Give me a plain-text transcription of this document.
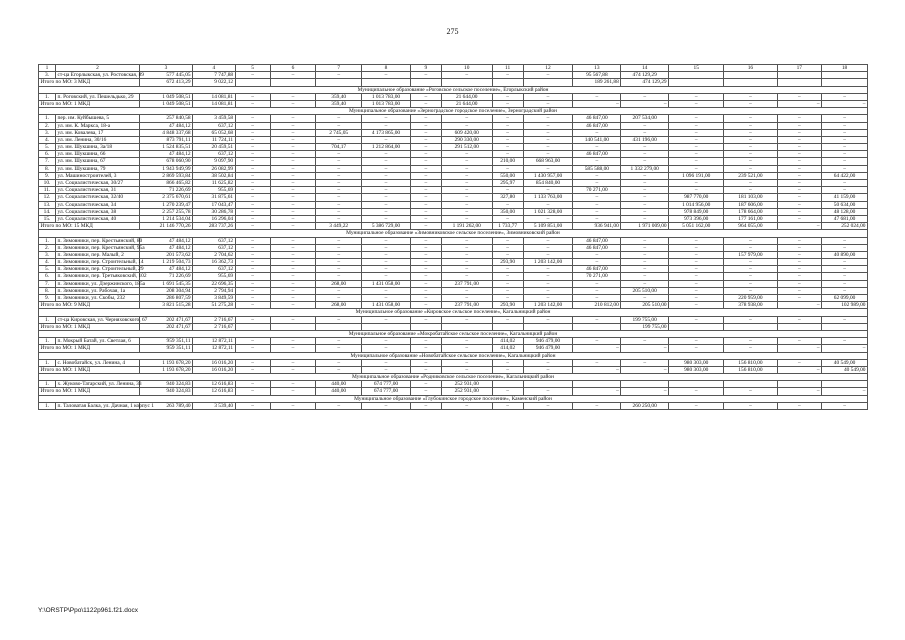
275
1	2	3	4	5	6	7	8	9	10	11	12	13	14	15	16	17	18
3.	ст-ца Егорлыкская, ул. Ростовская, 89	577 445,05	7 747,88	–	–	–	–	–	–	–	–	95 567,88	474 129,29				
Итого по МО: 3 МКД		672 413,29	9 022,12									189 261,88	474 129,29				
Муниципальное образование «Роговское сельское поселение», Егорлыкский район																	
1.	п. Роговский, ул. Пешельдько, 29	1 049 508,51	14 081,81	–	–	359,40	1 013 783,00	–	21 644,00	–	–	–	–	–	–	–	–
Итого по МО: 1 МКД		1 049 508,51	14 081,81	–	–	359,40	1 013 783,00	–	21 644,00	–	–	–	–	–	–	–	–
Муниципальное образование «Зерноградское городское поселение», Зерноградский район																	
1.	пер. им. Куйбышева, 5	257 840,58	3 459,58	–	–	–	–	–	–	–	–	46 847,00	207 534,00	–	–	–	–
2.	ул. им. К. Маркса, 18-а	47 484,12	637,12	–	–	–	–	–	–	–	–	46 847,00	–	–	–	–	–
3.	ул. им. Ковалева, 17	4 848 337,68	65 052,68	–	–	2 745,05	4 173 865,00	–	609 420,00	–	–	–	–	–	–	–	–
4.	ул. им. Ленина, 30/16	873 791,11	11 724,11	–	–	–	–	–	290 330,00	–	–	140 541,00	431 196,00	–	–	–	–
5.	ул. им. Шукшина, 3а/18	1 524 835,51	20 459,51	–	–	704,17	1 212 864,00	–	291 512,00	–	–	–	–	–	–	–	–
6.	ул. им. Шукшина, 66	47 484,12	637,12	–	–	–	–	–	–	–	–	46 847,00	–	–	–	–	–
7.	ул. им. Шукшина, 67	678 060,90	9 097,90	–	–	–	–	–	–	210,00	668 963,00	–	–	–	–	–	–
8.	ул. им. Шукшина, 79	1 943 949,99	26 082,99	–	–	–	–	–	–	–	–	585 588,00	1 332 279,00	–	–	–	–
9.	ул. Машиностроителей, 3	2 869 593,84	38 502,84	–	–	–	–	–	–	550,00	1 430 957,00	–	–	1 096 191,00	239 521,00	–	64 422,00
10.	ул. Социалистическая, 30/27	866 465,82	11 625,82	–	–	–	–	–	–	295,97	854 840,00	–	–	–	–	–	–
11.	ул. Социалистическая, 31	71 226,69	955,69	–	–	–	–	–	–	–	–	70 271,00	–	–	–	–	–
12.	ул. Социалистическая, 32/40	2 375 670,61	31 875,61	–	–	–	–	–	–	327,80	1 133 763,00	–	–	987 770,00	181 103,00	–	41 159,00
13.	ул. Социалистическая, 34	1 270 239,47	17 043,47	–	–	–	–	–	–	–	–	–	–	1 014 956,00	187 606,00	–	50 634,00
14.	ул. Социалистическая, 38	2 257 255,78	30 286,78	–	–	–	–	–	–	350,00	1 021 328,00	–	–	978 849,00	178 664,00	–	48 128,00
15.	ул. Социалистическая, 40	1 214 534,04	16 296,04	–	–	–	–	–	–	–	–	–	–	973 396,00	177 161,00	–	47 681,00
Итого по МО: 15 МКД		21 146 770,26	283 737,26	–	–	3 449,22	5 386 729,00	–	1 191 262,00	1 733,77	5 109 851,00	936 941,00	1 971 009,00	5 051 162,00	964 055,00	–	252 024,00
Муниципальное образование «Зимовниковское сельское поселение», Зимовниковский район																	
1.	п. Зимовники, пер. Крестьянский, 80	47 484,12	637,12	–	–	–	–	–	–	–	–	46 847,00	–	–	–	–	–
2.	п. Зимовники, пер. Крестьянский, 95а	47 484,12	637,12	–	–	–	–	–	–	–	–	46 847,00	–	–	–	–	–
3.	п. Зимовники, пер. Малый, 2	201 573,62	2 704,62	–	–	–	–	–	–	–	–	–	–	–	157 979,00	–	40 890,00
4.	п. Зимовники, пер. Строительный, 14	1 219 504,73	16 362,73	–	–	–	–	–	–	293,90	1 203 142,00	–	–	–	–	–	–
5.	п. Зимовники, пер. Строительный, 29	47 484,12	637,12	–	–	–	–	–	–	–	–	46 847,00	–	–	–	–	–
6.	п. Зимовники, пер. Третьяковский, 102	71 226,69	955,69	–	–	–	–	–	–	–	–	70 271,00	–	–	–	–	–
7.	п. Зимовники, ул. Дзержинского, 185а	1 691 545,35	22 696,35	–	–	268,00	1 431 058,00	–	237 791,00	–	–	–	–	–	–	–	–
8.	п. Зимовники, ул. Рабочая, 1а	208 304,94	2 794,94	–	–	–	–	–	–	–	–	–	205 510,00	–	–	–	–
9.	п. Зимовники, ул. Скобы, 232	286 807,59	3 849,59	–	–	–	–	–	–	–	–	–	–	–	220 959,00	–	62 099,00
Итого по МО: 9 МКД		3 821 515,28	51 275,28	–	–	268,00	1 431 058,00	–	237 791,00	293,90	1 203 142,00	210 812,00	205 510,00	–	378 938,00	–	102 989,00
Муниципальное образование «Кировское сельское поселение», Кагальницкий район																	
1.	ст-ца Кировская, ул. Черняховского, 67	202 471,67	2 716,67	–	–	–	–	–	–	–	–	–	199 755,00	–	–	–	–
Итого по МО: 1 МКД		202 471,67	2 716,67										199 755,00				
Муниципальное образование «Мокробатайское сельское поселение», Кагальницкий район																	
1.	п. Мокрый Батай, ул. Светлая, 6	959 351,11	12 872,11	–	–	–	–	–	–	414,02	946 479,00	–	–	–	–	–	–
Итого по МО: 1 МКД		959 351,11	12 872,11	–	–	–	–	–	–	414,02	946 479,00	–	–	–	–	–	–
Муниципальное образование «Новобатайское сельское поселение», Кагальницкий район																	
1.	с. Новобатайск, ул. Ленина, 4	1 193 678,20	16 016,20	–	–	–	–	–	–	–	–	–	–	980 303,00	156 810,00	–	40 549,00
Итого по МО: 1 МКД		1 193 678,20	16 016,20	–	–	–	–	–	–	–	–	–	–	980 303,00	156 810,00	–	40 549,00
Муниципальное образование «Родниковское сельское поселение», Кагальницкий район																	
1.	х. Жуково-Татарский, ул. Ленина, 33	940 324,83	12 616,83	–	–	440,00	674 777,00	–	252 931,00								
Итого по МО: 1 МКД		940 324,83	12 616,83	–	–	440,00	674 777,00	–	252 931,00	–	–	–	–	–	–	–	–
Муниципальное образование «Глубокинское городское поселение», Каменский район																	
1.	п. Таловатая Балка, ул. Дачная, 1 корпус 1	263 789,40	3 539,40	–	–	–	–	–	–	–	–	–	260 250,00	–	–	–	–
Y:\ORSTP\Ppo\1122p961.f21.docx
